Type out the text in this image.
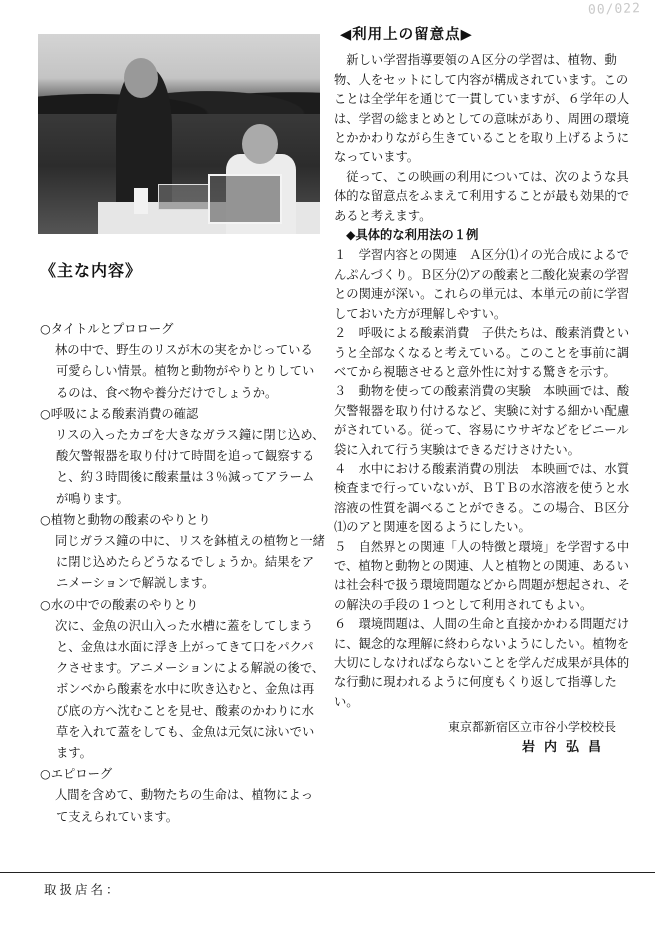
00/022
《主な内容》
○タイトルとプロローグ
林の中で、野生のリスが木の実をかじっている可愛らしい情景。植物と動物がやりとりしているのは、食べ物や養分だけでしょうか。
○呼吸による酸素消費の確認
リスの入ったカゴを大きなガラス鐘に閉じ込め、酸欠警報器を取り付けて時間を追って観察すると、約３時間後に酸素量は３％減ってアラームが鳴ります。
○植物と動物の酸素のやりとり
同じガラス鐘の中に、リスを鉢植えの植物と一緒に閉じ込めたらどうなるでしょうか。結果をアニメーションで解説します。
○水の中での酸素のやりとり
次に、金魚の沢山入った水槽に蓋をしてしまうと、金魚は水面に浮き上がってきて口をパクパクさせます。アニメーションによる解説の後で、ボンベから酸素を水中に吹き込むと、金魚は再び底の方へ沈むことを見せ、酸素のかわりに水草を入れて蓋をしても、金魚は元気に泳いでいます。
○エピローグ
人間を含めて、動物たちの生命は、植物によって支えられています。
◀利用上の留意点▶

新しい学習指導要領のＡ区分の学習は、植物、動物、人をセットにして内容が構成されています。このことは全学年を通じて一貫していますが、６学年の人は、学習の総まとめとしての意味があり、周囲の環境とかかわりながら生きていることを取り上げるようになっています。

従って、この映画の利用については、次のような具体的な留意点をふまえて利用することが最も効果的であると考えます。

◆具体的な利用法の１例
１　学習内容との関連　Ａ区分⑴イの光合成によるでんぷんづくり。Ｂ区分⑵アの酸素と二酸化炭素の学習との関連が深い。これらの単元は、本単元の前に学習しておいた方が理解しやすい。
２　呼吸による酸素消費　子供たちは、酸素消費というと全部なくなると考えている。このことを事前に調べてから視聴させると意外性に対する驚きを示す。
３　動物を使っての酸素消費の実験　本映画では、酸欠警報器を取り付けるなど、実験に対する細かい配慮がされている。従って、容易にウサギなどをビニール袋に入れて行う実験はできるだけさけたい。
４　水中における酸素消費の別法　本映画では、水質検査まで行っていないが、ＢＴＢの水溶液を使うと水溶液の性質を調べることができる。この場合、Ｂ区分⑴のアと関連を図るようにしたい。
５　自然界との関連「人の特徴と環境」を学習する中で、植物と動物との関連、人と植物との関連、あるいは社会科で扱う環境問題などから問題が想起され、その解決の手段の１つとして利用されてもよい。
６　環境問題は、人間の生命と直接かかわる問題だけに、観念的な理解に終わらないようにしたい。植物を大切にしなければならないことを学んだ成果が具体的な行動に現われるように何度もくり返して指導したい。
東京都新宿区立市谷小学校校長
岩内弘昌
取扱店名：
